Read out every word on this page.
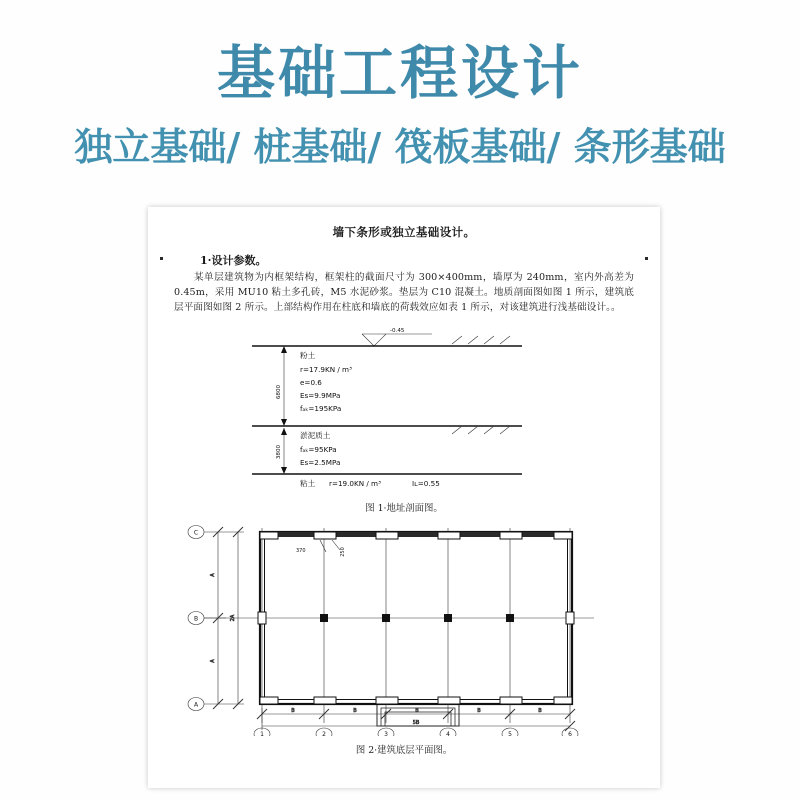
基础工程设计
独立基础/ 桩基础/ 筏板基础/ 条形基础
墙下条形或独立基础设计。
1·设计参数。
某单层建筑物为内框架结构，框架柱的截面尺寸为 300×400mm，墙厚为 240mm，室内外高差为 0.45m，采用 MU10 粘土多孔砖，M5 水泥砂浆。垫层为 C10 混凝土。地质剖面图如图 1 所示，建筑底层平面图如图 2 所示。上部结构作用在柱底和墙底的荷载效应如表 1 所示，对该建筑进行浅基础设计。。
-0.45
6800
3800
粉土
r=17.9KN / m³
e=0.6
Es=9.9MPa
fₐₖ=195KPa
淤泥质土
fₐₖ=95KPa
Es=2.5MPa
粘土 r=19.0KN / m³	Iʟ=0.55
图 1·地址剖面图。
C
B
A
A
2A
A
370	250
B	B	B	B	B
5B
1	2	3	4	5	6
图 2·建筑底层平面图。
